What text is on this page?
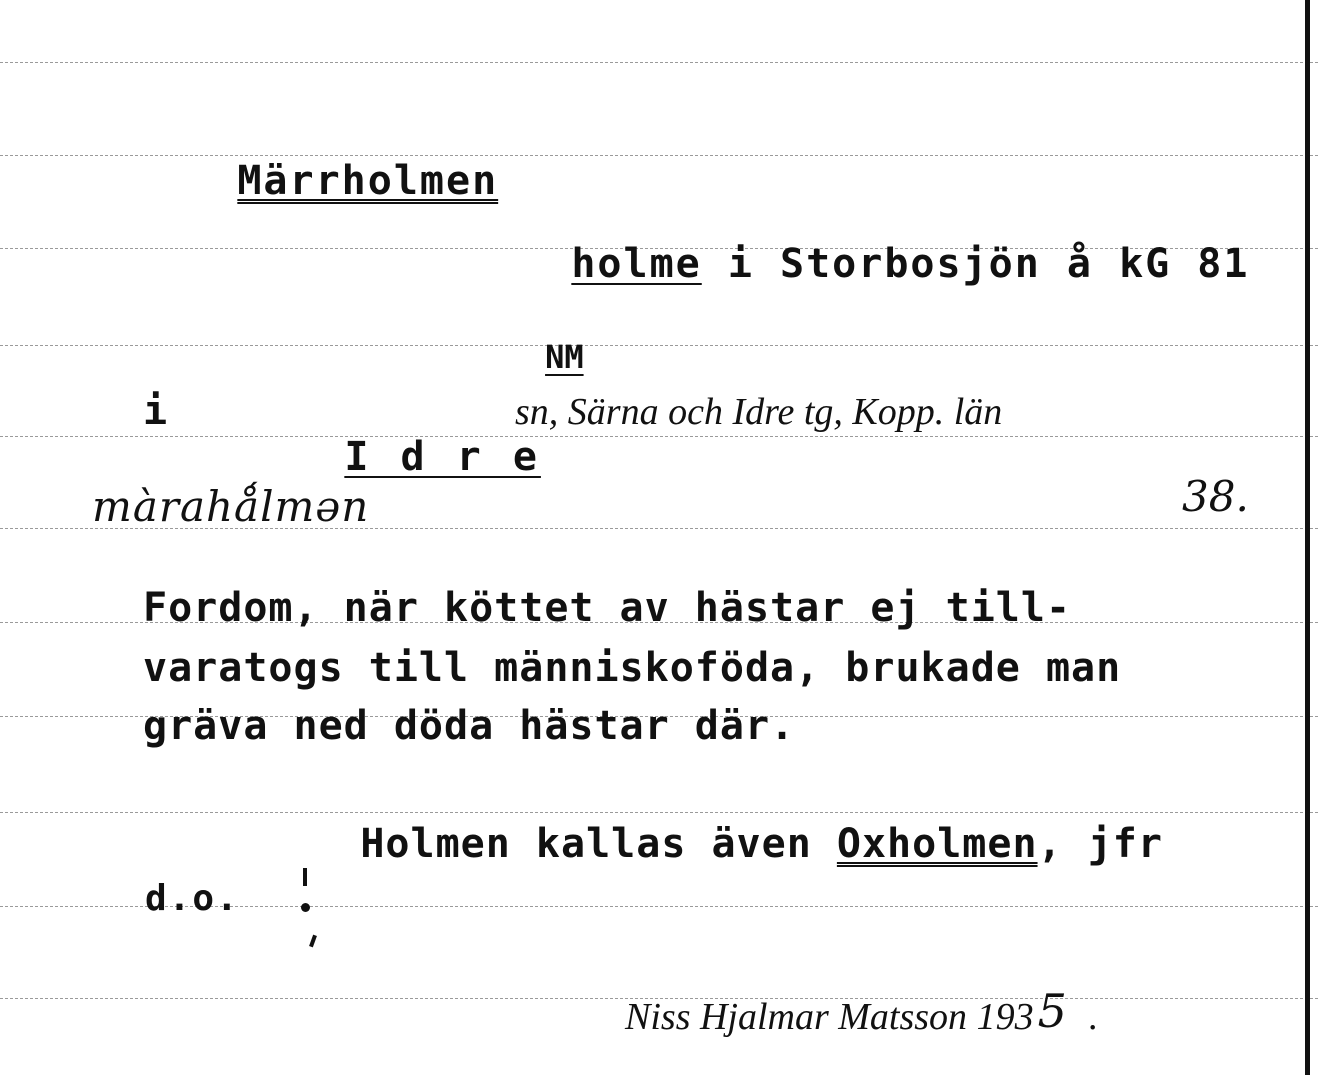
Märrholmen

holme i Storbosjön å kG 81

NM

i

I d r e

sn, Särna och Idre tg, Kopp. län
màrahǻlmən	38.
Fordom, när köttet av hästar ej till-
varatogs till människoföda, brukade man
gräva ned döda hästar där.

Holmen kallas även Oxholmen, jfr

d.o.

Niss Hjalmar Matsson 1935 .
